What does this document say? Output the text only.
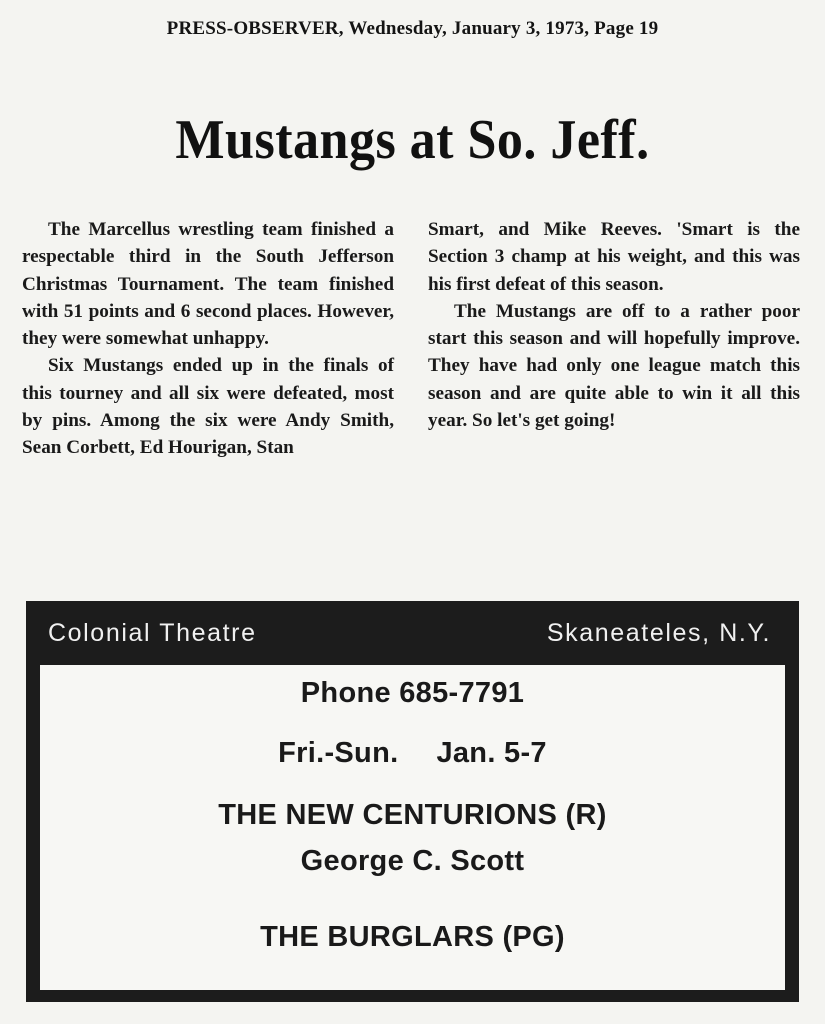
PRESS-OBSERVER, Wednesday, January 3, 1973, Page 19
Mustangs at So. Jeff.

The Marcellus wrestling team finished a respectable third in the South Jefferson Christmas Tournament. The team finished with 51 points and 6 second places. However, they were somewhat unhappy.

Six Mustangs ended up in the finals of this tourney and all six were defeated, most by pins. Among the six were Andy Smith, Sean Corbett, Ed Hourigan, Stan

Smart, and Mike Reeves. 'Smart is the Section 3 champ at his weight, and this was his first defeat of this season.

The Mustangs are off to a rather poor start this season and will hopefully improve. They have had only one league match this season and are quite able to win it all this year. So let's get going!

Colonial Theatre	Skaneateles, N.Y.
Phone 685-7791
Fri.-Sun. Jan. 5-7
THE NEW CENTURIONS (R)
George C. Scott
THE BURGLARS (PG)
